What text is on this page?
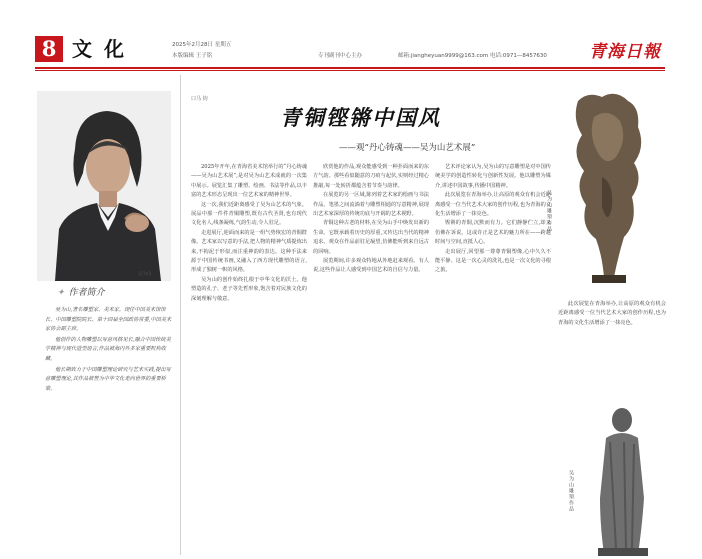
8 文化	2025年2月28日 星期五
本版编辑 王子铭	专刊副刊中心主办	邮箱:jiangheyuan9999@163.com 电话:0971—8457630 青海日報
吴为山
✦ 作者简介

吴为山,著名雕塑家、美术家。现任中国美术馆馆长、中国雕塑院院长、第十四届全国政协常委,中国美术家协会副主席。

他创作的人物雕塑以写意风格见长,融合中国传统美学精神与现代造型语言,作品被海内外多家重要机构收藏。

他长期致力于中国雕塑理论研究与艺术实践,提出写意雕塑理论,其作品被誉为中华文化走向世界的重要桥梁。

口马 钧
青铜铿锵中国风
——观“丹心铸魂——吴为山艺术展”

2025年开年,在青海省美术馆举行的“丹心铸魂——吴为山艺术展”,是对吴为山艺术成就的一次集中展示。展览汇集了雕塑、绘画、书法等作品,以丰富的艺术形态呈现出一位艺术家的精神世界。

这一次,我们近距离感受了吴为山艺术的气象。展品中那一件件青铜雕塑,既有古代圣贤,也有现代文化名人,线条凝练,气韵生动,令人驻足。

走进展厅,迎面而来的是一组气势恢宏的青铜群像。艺术家以写意的手法,把人物的精神气质提炼出来,不拘泥于形似,而注重神韵的表达。这种手法来源于中国传统书画,又融入了西方现代雕塑的语言,形成了独树一帜的风格。

吴为山的创作始终扎根于中华文化的沃土。他塑造的孔子、老子等先哲形象,饱含着对民族文化的深刻理解与敬意。

欣赏他的作品,观众能感受到一种扑面而来的东方气韵。那些看似随意的刀痕与起伏,实则经过精心推敲,每一处转折都蕴含着节奏与韵律。

在展览的另一区域,陈列着艺术家的绘画与书法作品。笔墨之间流淌着与雕塑相通的写意精神,展现出艺术家深厚的传统功底与开阔的艺术视野。

青铜这种古老的材料,在吴为山手中焕发出新的生命。它既承载着历史的厚重,又传达出当代的精神追求。观众在作品前驻足凝望,仿佛能听到来自远古的回响。

展览期间,许多观众特地从外地赶来观看。有人说,这些作品让人感受到中国艺术的自信与力量。

艺术评论家认为,吴为山的写意雕塑是对中国传统美学的创造性转化与创新性发展。他以雕塑为媒介,讲述中国故事,传播中国精神。

此次展览在青海举办,让高原的观众有机会近距离感受一位当代艺术大家的创作历程,也为青海的文化生活增添了一抹亮色。

铿锵的青铜,沉默而有力。它们静静伫立,却又仿佛在诉说。这或许正是艺术的魅力所在——跨越时间与空间,直抵人心。

走出展厅,回望那一尊尊青铜塑像,心中久久不能平静。这是一次心灵的洗礼,也是一次文化的寻根之旅。

此次展览在青海举办,让高原的观众有机会近距离感受一位当代艺术大家的创作历程,也为青海的文化生活增添了一抹亮色。

吴为山雕塑作品
吴为山雕塑作品
